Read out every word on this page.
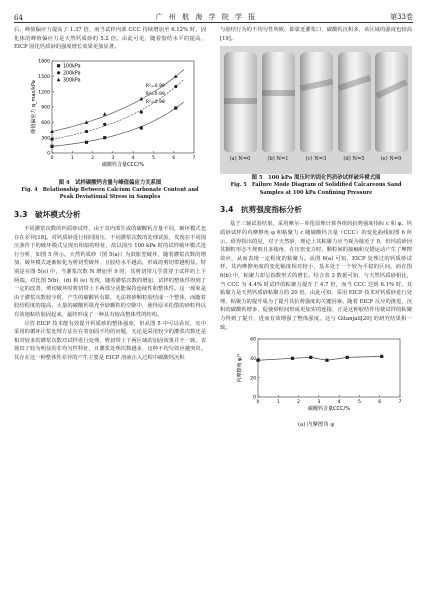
64	广 州 航 海 学 院 学 报	第33卷

后，峰值偏应力提高了 1.37 倍，而当试样内部 CCC 持续增加至 6.12% 时，固化体的峰值偏应力是天然钙质砂的 5.2 倍。由此可见，随着胶结水平的提高，EICP 固化钙质砂的强度增长效果更加显著。

0	1	2	3	4	5	6	7
0
300
600
900
1200
1500
1800
碳酸钙含量CCC/%
峰值偏应力 q_max/kPa
100kPa
200kPa
300kPa
R²=0.99
R²=0.99
R²=0.98
图 4　试样碳酸钙含量与峰值偏应力关系图
Fig. 4　Relationship Between Calcium Carbonate Content and Peak Deviational Stress in Samples
3.3　破坏模式分析

不同灌浆次数的钙质砂试样，由于其内部生成的碳酸钙含量不同，破坏模式也存在差异[18]。对钙质砂进行相同围压、不同灌浆次数的处理试验，发现在不同围压条件下的破坏模式呈现出相似的特征，故以围压 100 kPa 时的试样破坏模式进行分析，如图 5 所示。天然钙质砂（图 5(a)）为鼓胀型破坏，随着灌浆次数的增加，破坏模式逐渐转化为剪切型破坏，且胶结水平越高，形成的剪切带越明显。特别是在图 5(e) 中，当灌浆次数 N 增加至 9 时，其剪切带几乎贯穿于试样的上下两端。对比图 5(b)、(d) 和 (e) 发现，随着灌浆次数的增加，试样的整体性得到了一定的改善，剪切破坏时剪切带上下两部分更能保持连续性和整体性。这一现象是由于灌浆次数较少时，产生的碳酸钙有限，无法将砂颗粒胶结成一个整体，而随着胶结程度的提高，大量的碳酸钙填充至砂颗粒的空隙中，使得原本松散的砂粒得以有效地粘结胶固起来，最终形成了一种具有较高整体性的结构。

尽管 EICP 技术能有效提升钙质砂的整体强度，但从图 5 中可以看出，实中采用的循环注浆处理方法存在着加固不均的问题，无论是采用较少的灌浆次数还是相对较多的灌浆次数对试样进行处理，剪切带上下两区域的加固效果并不一致，表现出了较为明显的非均匀性特征，且灌浆处理次数越多，这种不均匀效应越突出。其存在这一种整体性差异的产生主要是 EICP 溶液注入过程中碳酸钙沉积

与胶结行为的不均匀性所致，即靠近灌浆口，碳酸钙沉积多，该区域的强度也较高[19]。

(a) N=0	(b) N=1	(c) N=3	(d) N=5	(e) N=9
图 5　100 kPa 围压时的固化钙质砂试样破坏模式图
Fig. 5　Failure Mode Diagram of Solidified Calcareous Sand Samples at 100 kPa Confining Pressure
3.4　抗剪强度指标分析

基于三轴试验结果，采用摩尔－库伦原理计算各组的抗剪强度指标 c 和 φ。钙质砂试样的内摩擦角 φ 和粘聚力 c 随碳酸钙含量（CCC）的变化曲线如图 6 所示。值得指出的是，对于天然砂，理论上其粘聚力应当视为接近于 0，但钙质砂因其颗粒形态不规则且多棱角，在压密变力时，颗粒间的接触和交错运动产生了摩擦效应，从而表现一定程度的粘聚力。从图 6(a) 可知，EICP 处理过的钙质砂试样，其内摩擦角度的变化幅度相对较小，基本处于一个较为平稳的区间。而在图 6(b) 中，粘聚力却呈指数形式的增长。结合表 3 数据可知，与天然钙质砂相比，当 CCC 为 4.4% 时试样的粘聚力提升了 4.7 倍，而当 CCC 达到 6.1% 时，其粘聚力是天然钙质砂粘聚力的 20 倍。由此可知，采用 EICP 技术对钙质砂进行处理，粘聚力的提升成为了提升其抗剪强度的关键因素。随着 EICP 反应的推进，沉积的碳酸钙增多，促使砂粒间形成更加实的连接，正是这种胶结作用使试样的粘聚力得到了提升，进而有效增强了整体强度。这与 Gitanjali[20] 的研究结果相一致。

0	1	2	3	4	5	6	7
0
20
40
60
碳酸钙含量CCC/%
内摩擦角 φ/°
(a) 内摩擦角 φ
